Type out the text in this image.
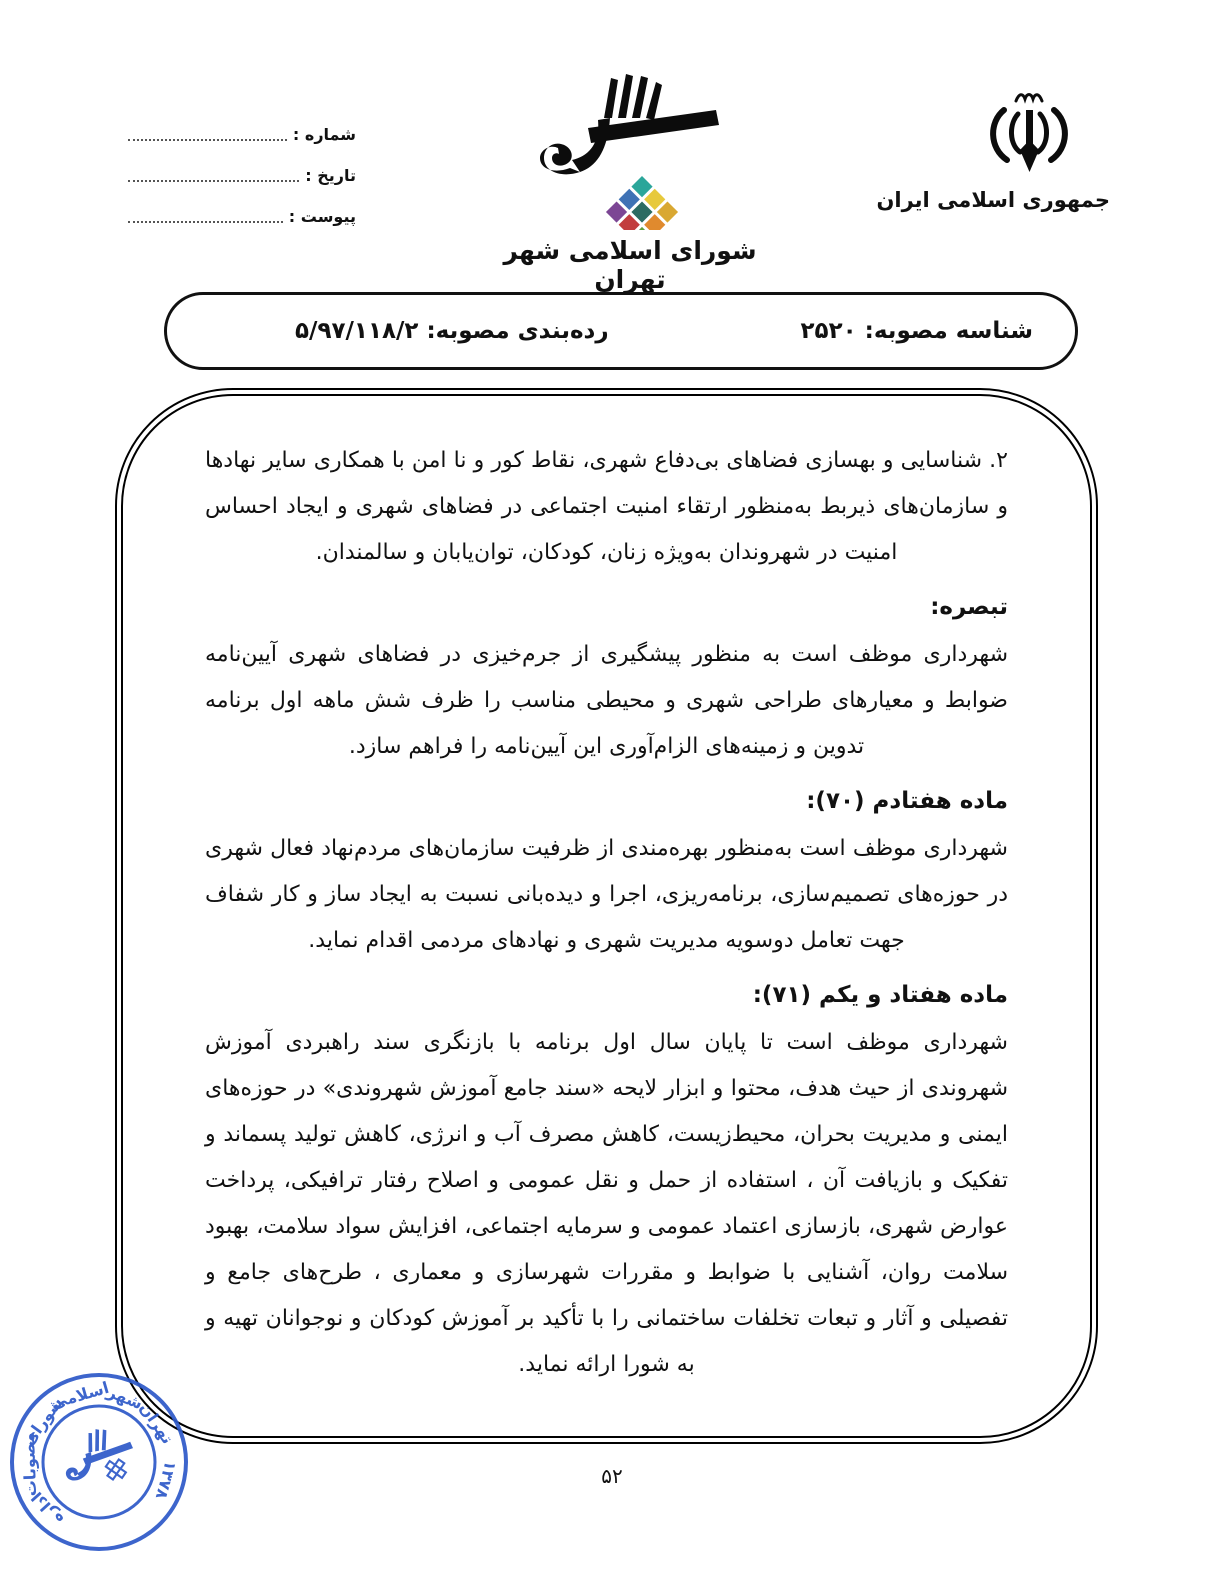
شماره :
تاریخ :
پیوست :
شورای اسلامی شهر تهران
جمهوری اسلامی ایران
شناسه مصوبه: ۲۵۲۰
رده‌بندی مصوبه: ۵/۹۷/۱۱۸/۲

۲. شناسایی و بهسازی فضاهای بی‌دفاع شهری، نقاط کور و نا امن با همکاری سایر نهادها و سازمان‌های ذیربط به‌منظور ارتقاء امنیت اجتماعی در فضاهای شهری و ایجاد احساس امنیت در شهروندان به‌ویژه زنان، کودکان، توان‌یابان و سالمندان.

تبصره:

شهرداری موظف است به منظور پیشگیری از جرم‌خیزی در فضاهای شهری آیین‌نامه ضوابط و معیارهای طراحی شهری و محیطی مناسب را ظرف شش ماهه اول برنامه تدوین و زمینه‌های الزام‌آوری این آیین‌نامه را فراهم سازد.

ماده هفتادم (۷۰):

شهرداری موظف است به‌منظور بهره‌مندی از ظرفیت سازمان‌های مردم‌نهاد فعال شهری در حوزه‌های تصمیم‌سازی، برنامه‌ریزی، اجرا و دیده‌بانی نسبت به ایجاد ساز و کار شفاف جهت تعامل دوسویه مدیریت شهری و نهادهای مردمی اقدام نماید.

ماده هفتاد و یکم (۷۱):

شهرداری موظف است تا پایان سال اول برنامه با بازنگری سند راهبردی آموزش شهروندی از حیث هدف، محتوا و ابزار لایحه «سند جامع آموزش شهروندی» در حوزه‌های ایمنی و مدیریت بحران، محیط‌زیست، کاهش مصرف آب و انرژی، کاهش تولید پسماند و تفکیک و بازیافت آن ، استفاده از حمل و نقل عمومی و اصلاح رفتار ترافیکی، پرداخت عوارض شهری، بازسازی اعتماد عمومی و سرمایه اجتماعی، افزایش سواد سلامت، بهبود سلامت روان، آشنایی با ضوابط و مقررات شهرسازی و معماری ، طرح‌های جامع و تفصیلی و آثار و تبعات تخلفات ساختمانی را با تأکید بر آموزش کودکان و نوجوانان تهیه و به شورا ارائه نماید.

۵۲
اداره
مصوبات
شورای
اسلامی
شهر
تهران
۱۳۷۸
